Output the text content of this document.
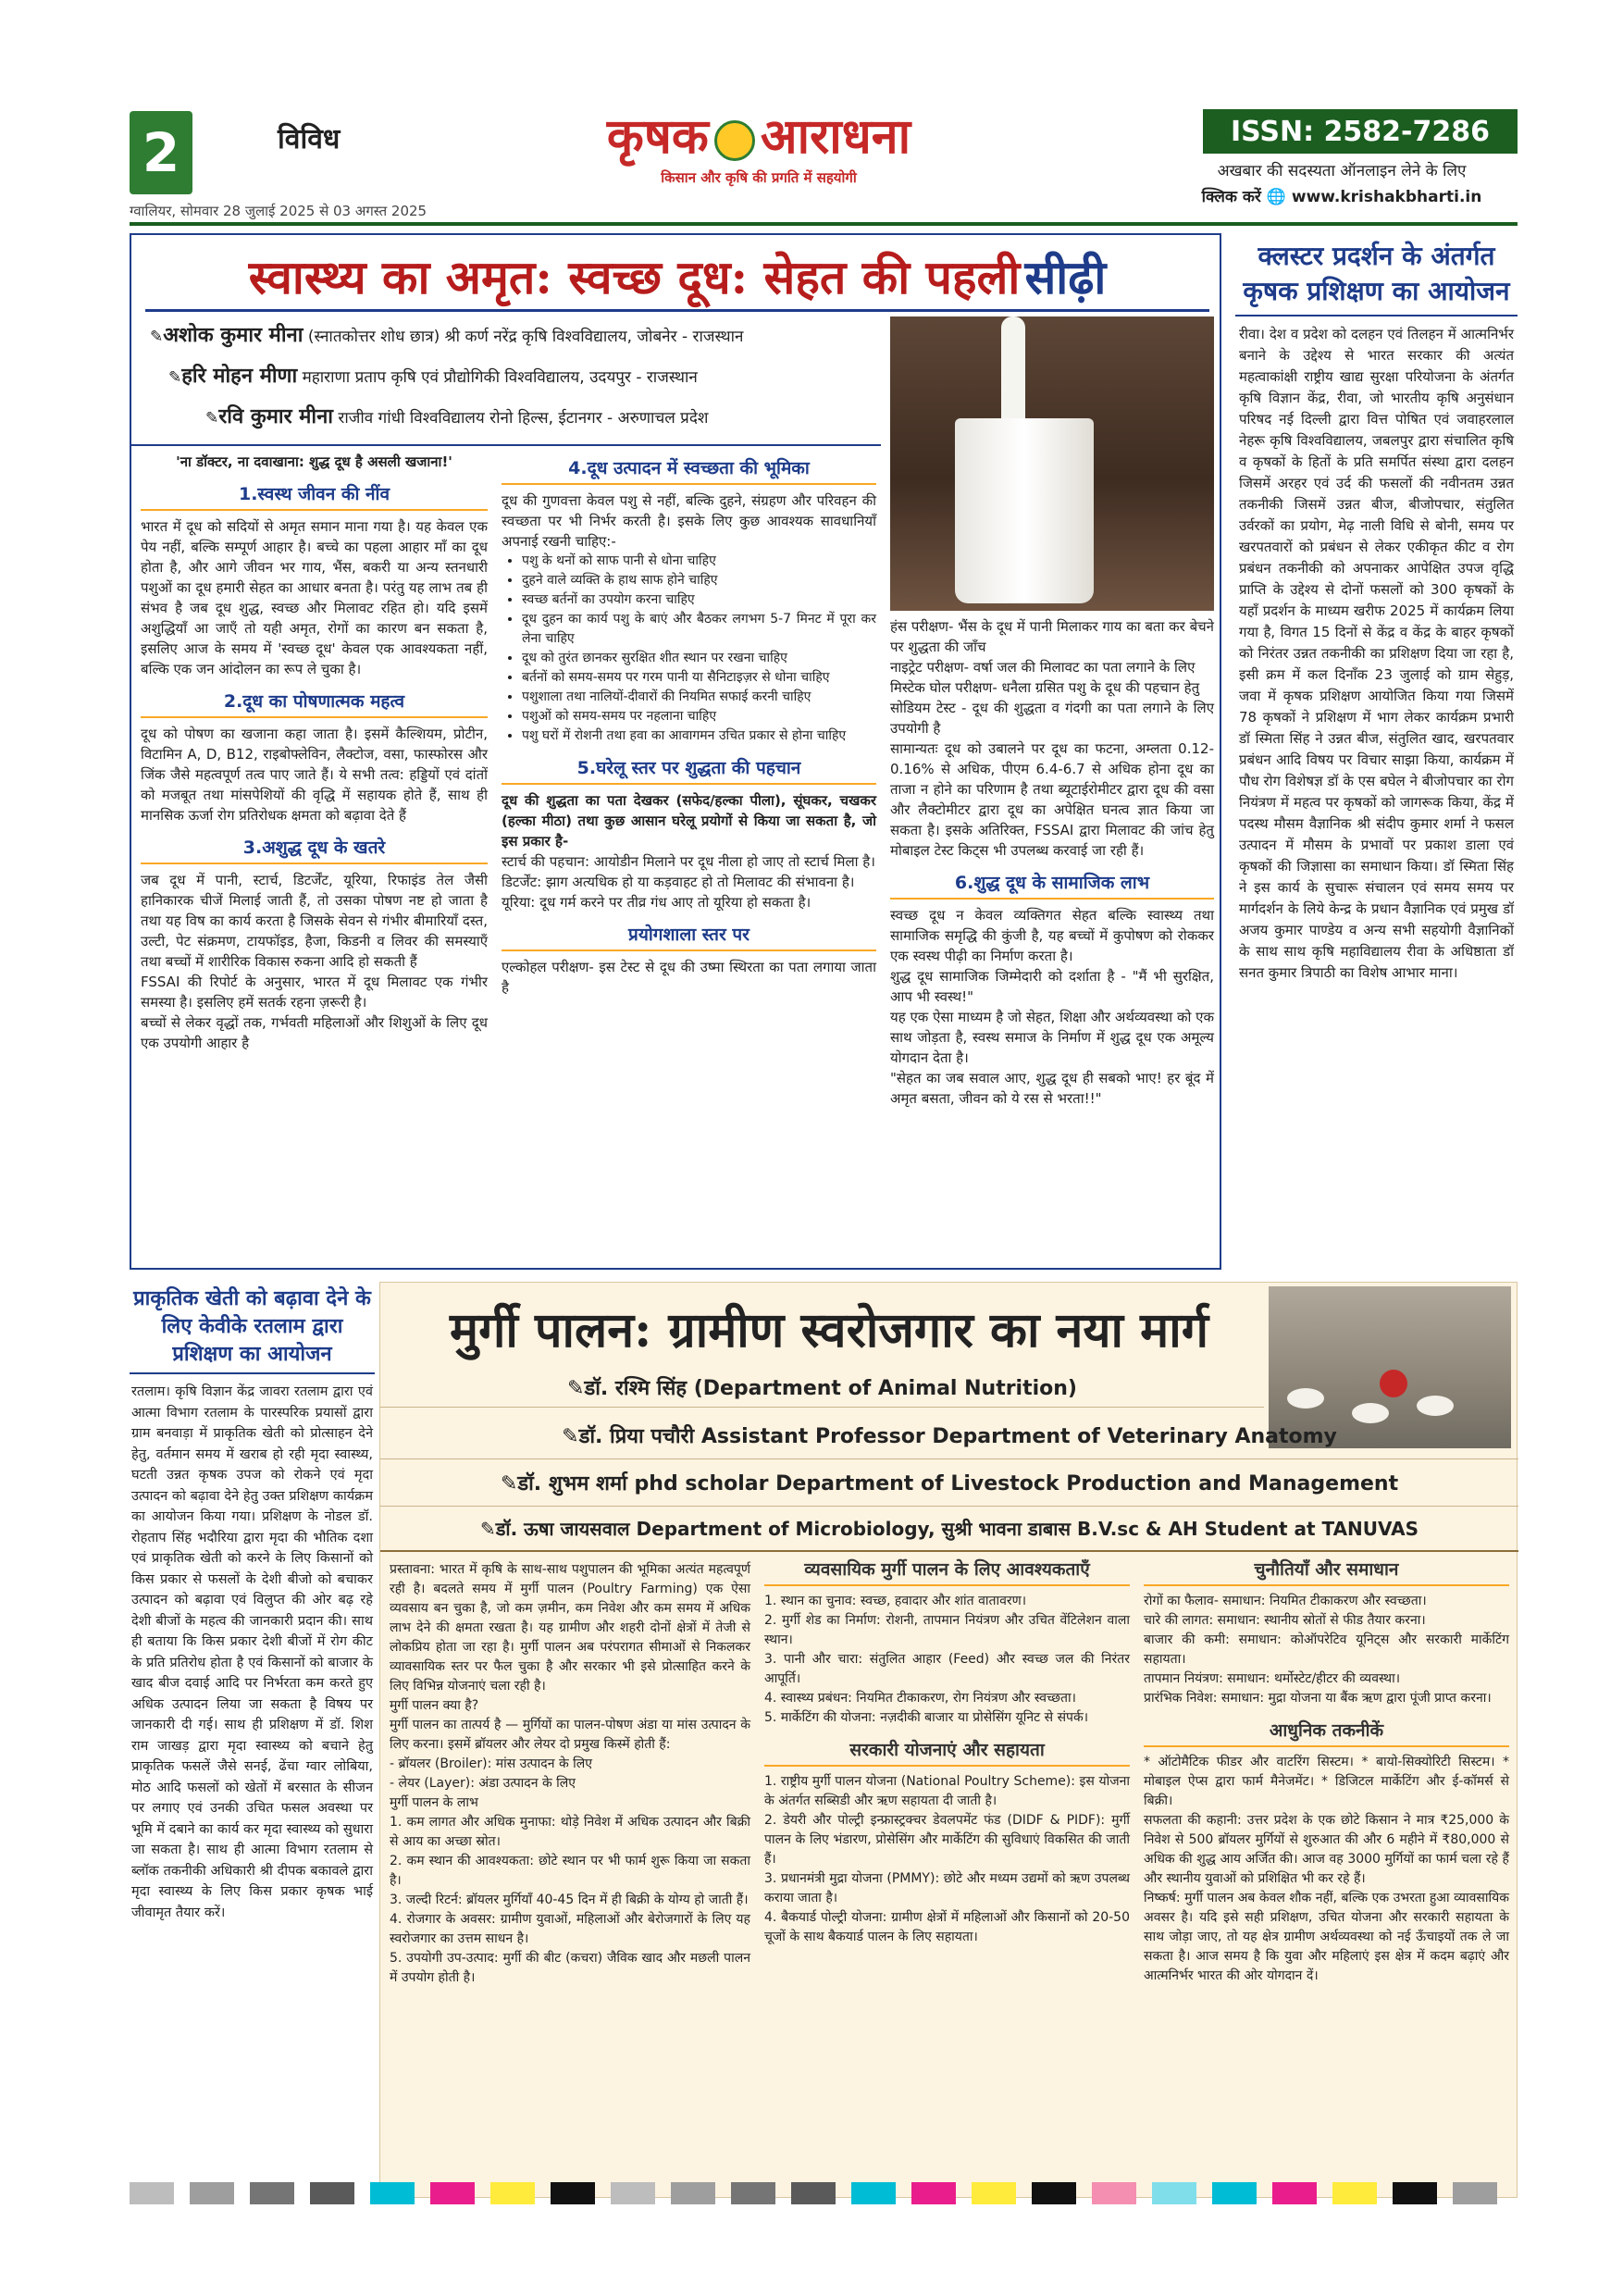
2	विविध
ग्वालियर, सोमवार 28 जुलाई 2025 से 03 अगस्त 2025
कृषक आराधना
किसान और कृषि की प्रगति में सहयोगी
ISSN: 2582-7286
अखबार की सदस्यता ऑनलाइन लेने के लिए
क्लिक करें 🌐 www.krishakbharti.in
स्वास्थ्य का अमृत: स्वच्छ दूध: सेहत की पहली सीढ़ी
✎अशोक कुमार मीना (स्नातकोत्तर शोध छात्र) श्री कर्ण नरेंद्र कृषि विश्वविद्यालय, जोबनेर - राजस्थान
✎हरि मोहन मीणा महाराणा प्रताप कृषि एवं प्रौद्योगिकी विश्वविद्यालय, उदयपुर - राजस्थान
✎रवि कुमार मीना राजीव गांधी विश्वविद्यालय रोनो हिल्स, ईटानगर - अरुणाचल प्रदेश
'ना डॉक्टर, ना दवाखाना: शुद्ध दूध है असली खजाना!'
1.स्वस्थ जीवन की नींव

भारत में दूध को सदियों से अमृत समान माना गया है। यह केवल एक पेय नहीं, बल्कि सम्पूर्ण आहार है। बच्चे का पहला आहार माँ का दूध होता है, और आगे जीवन भर गाय, भैंस, बकरी या अन्य स्तनधारी पशुओं का दूध हमारी सेहत का आधार बनता है। परंतु यह लाभ तब ही संभव है जब दूध शुद्ध, स्वच्छ और मिलावट रहित हो। यदि इसमें अशुद्धियाँ आ जाएँ तो यही अमृत, रोगों का कारण बन सकता है, इसलिए आज के समय में 'स्वच्छ दूध' केवल एक आवश्यकता नहीं, बल्कि एक जन आंदोलन का रूप ले चुका है।

2.दूध का पोषणात्मक महत्व

दूध को पोषण का खजाना कहा जाता है। इसमें कैल्शियम, प्रोटीन, विटामिन A, D, B12, राइबोफ्लेविन, लैक्टोज, वसा, फास्फोरस और जिंक जैसे महत्वपूर्ण तत्व पाए जाते हैं। ये सभी तत्व: हड्डियों एवं दांतों को मजबूत तथा मांसपेशियों की वृद्धि में सहायक होते हैं, साथ ही मानसिक ऊर्जा रोग प्रतिरोधक क्षमता को बढ़ावा देते हैं

3.अशुद्ध दूध के खतरे

जब दूध में पानी, स्टार्च, डिटर्जेंट, यूरिया, रिफाइंड तेल जैसी हानिकारक चीजें मिलाई जाती हैं, तो उसका पोषण नष्ट हो जाता है तथा यह विष का कार्य करता है जिसके सेवन से गंभीर बीमारियाँ दस्त, उल्टी, पेट संक्रमण, टायफॉइड, हैजा, किडनी व लिवर की समस्याएँ तथा बच्चों में शारीरिक विकास रुकना आदि हो सकती हैं

FSSAI की रिपोर्ट के अनुसार, भारत में दूध मिलावट एक गंभीर समस्या है। इसलिए हमें सतर्क रहना ज़रूरी है।

बच्चों से लेकर वृद्धों तक, गर्भवती महिलाओं और शिशुओं के लिए दूध एक उपयोगी आहार है

4.दूध उत्पादन में स्वच्छता की भूमिका

दूध की गुणवत्ता केवल पशु से नहीं, बल्कि दुहने, संग्रहण और परिवहन की स्वच्छता पर भी निर्भर करती है। इसके लिए कुछ आवश्यक सावधानियाँ अपनाई रखनी चाहिए:-

• पशु के थनों को साफ पानी से धोना चाहिए
• दुहने वाले व्यक्ति के हाथ साफ होने चाहिए
• स्वच्छ बर्तनों का उपयोग करना चाहिए
• दूध दुहन का कार्य पशु के बाएं और बैठकर लगभग 5-7 मिनट में पूरा कर लेना चाहिए
• दूध को तुरंत छानकर सुरक्षित शीत स्थान पर रखना चाहिए
• बर्तनों को समय-समय पर गरम पानी या सैनिटाइज़र से धोना चाहिए
• पशुशाला तथा नालियों-दीवारों की नियमित सफाई करनी चाहिए
• पशुओं को समय-समय पर नहलाना चाहिए
• पशु घरों में रोशनी तथा हवा का आवागमन उचित प्रकार से होना चाहिए
5.घरेलू स्तर पर शुद्धता की पहचान

दूध की शुद्धता का पता देखकर (सफेद/हल्का पीला), सूंघकर, चखकर (हल्का मीठा) तथा कुछ आसान घरेलू प्रयोगों से किया जा सकता है, जो इस प्रकार है-

स्टार्च की पहचान: आयोडीन मिलाने पर दूध नीला हो जाए तो स्टार्च मिला है।

डिटर्जेंट: झाग अत्यधिक हो या कड़वाहट हो तो मिलावट की संभावना है।

यूरिया: दूध गर्म करने पर तीव्र गंध आए तो यूरिया हो सकता है।

प्रयोगशाला स्तर पर

एल्कोहल परीक्षण- इस टेस्ट से दूध की उष्मा स्थिरता का पता लगाया जाता है

हंस परीक्षण- भैंस के दूध में पानी मिलाकर गाय का बता कर बेचने पर शुद्धता की जाँच
नाइट्रेट परीक्षण- वर्षा जल की मिलावट का पता लगाने के लिए
मिस्टेक घोल परीक्षण- धनैला ग्रसित पशु के दूध की पहचान हेतु
सोडियम टेस्ट - दूध की शुद्धता व गंदगी का पता लगाने के लिए उपयोगी है

सामान्यतः दूध को उबालने पर दूध का फटना, अम्लता 0.12-0.16% से अधिक, पीएम 6.4-6.7 से अधिक होना दूध का ताजा न होने का परिणाम है तथा ब्यूटाईरोमीटर द्वारा दूध की वसा और लैक्टोमीटर द्वारा दूध का अपेक्षित घनत्व ज्ञात किया जा सकता है। इसके अतिरिक्त, FSSAI द्वारा मिलावट की जांच हेतु मोबाइल टेस्ट किट्स भी उपलब्ध करवाई जा रही हैं।

6.शुद्ध दूध के सामाजिक लाभ

स्वच्छ दूध न केवल व्यक्तिगत सेहत बल्कि स्वास्थ्य तथा सामाजिक समृद्धि की कुंजी है, यह बच्चों में कुपोषण को रोककर एक स्वस्थ पीढ़ी का निर्माण करता है।

शुद्ध दूध सामाजिक जिम्मेदारी को दर्शाता है - "मैं भी सुरक्षित, आप भी स्वस्थ!"

यह एक ऐसा माध्यम है जो सेहत, शिक्षा और अर्थव्यवस्था को एक साथ जोड़ता है, स्वस्थ समाज के निर्माण में शुद्ध दूध एक अमूल्य योगदान देता है।

"सेहत का जब सवाल आए, शुद्ध दूध ही सबको भाए! हर बूंद में अमृत बसता, जीवन को ये रस से भरता!!"

क्लस्टर प्रदर्शन के अंतर्गत कृषक प्रशिक्षण का आयोजन

रीवा। देश व प्रदेश को दलहन एवं तिलहन में आत्मनिर्भर बनाने के उद्देश्य से भारत सरकार की अत्यंत महत्वाकांक्षी राष्ट्रीय खाद्य सुरक्षा परियोजना के अंतर्गत कृषि विज्ञान केंद्र, रीवा, जो भारतीय कृषि अनुसंधान परिषद नई दिल्ली द्वारा वित्त पोषित एवं जवाहरलाल नेहरू कृषि विश्वविद्यालय, जबलपुर द्वारा संचालित कृषि व कृषकों के हितों के प्रति समर्पित संस्था द्वारा दलहन जिसमें अरहर एवं उर्द की फसलों की नवीनतम उन्नत तकनीकी जिसमें उन्नत बीज, बीजोपचार, संतुलित उर्वरकों का प्रयोग, मेढ़ नाली विधि से बोनी, समय पर खरपतवारों को प्रबंधन से लेकर एकीकृत कीट व रोग प्रबंधन तकनीकी को अपनाकर आपेक्षित उपज वृद्धि प्राप्ति के उद्देश्य से दोनों फसलों को 300 कृषकों के यहाँ प्रदर्शन के माध्यम खरीफ 2025 में कार्यक्रम लिया गया है, विगत 15 दिनों से केंद्र व केंद्र के बाहर कृषकों को निरंतर उन्नत तकनीकी का प्रशिक्षण दिया जा रहा है, इसी क्रम में कल दिनाँक 23 जुलाई को ग्राम सेहुड़, जवा में कृषक प्रशिक्षण आयोजित किया गया जिसमें 78 कृषकों ने प्रशिक्षण में भाग लेकर कार्यक्रम प्रभारी डॉ स्मिता सिंह ने उन्नत बीज, संतुलित खाद, खरपतवार प्रबंधन आदि विषय पर विचार साझा किया, कार्यक्रम में पौध रोग विशेषज्ञ डॉ के एस बघेल ने बीजोपचार का रोग नियंत्रण में महत्व पर कृषकों को जागरूक किया, केंद्र में पदस्थ मौसम वैज्ञानिक श्री संदीप कुमार शर्मा ने फसल उत्पादन में मौसम के प्रभावों पर प्रकाश डाला एवं कृषकों की जिज्ञासा का समाधान किया। डॉ स्मिता सिंह ने इस कार्य के सुचारू संचालन एवं समय समय पर मार्गदर्शन के लिये केन्द्र के प्रधान वैज्ञानिक एवं प्रमुख डॉ अजय कुमार पाण्डेय व अन्य सभी सहयोगी वैज्ञानिकों के साथ साथ कृषि महाविद्यालय रीवा के अधिष्ठाता डॉ सनत कुमार त्रिपाठी का विशेष आभार माना।

प्राकृतिक खेती को बढ़ावा देने के लिए केवीके रतलाम द्वारा प्रशिक्षण का आयोजन

रतलाम। कृषि विज्ञान केंद्र जावरा रतलाम द्वारा एवं आत्मा विभाग रतलाम के पारस्परिक प्रयासों द्वारा ग्राम बनवाड़ा में प्राकृतिक खेती को प्रोत्साहन देने हेतु, वर्तमान समय में खराब हो रही मृदा स्वास्थ्य, घटती उन्नत कृषक उपज को रोकने एवं मृदा उत्पादन को बढ़ावा देने हेतु उक्त प्रशिक्षण कार्यक्रम का आयोजन किया गया। प्रशिक्षण के नोडल डॉ. रोहताप सिंह भदौरिया द्वारा मृदा की भौतिक दशा एवं प्राकृतिक खेती को करने के लिए किसानों को किस प्रकार से फसलों के देशी बीजो को बचाकर उत्पादन को बढ़ावा एवं विलुप्त की ओर बढ़ रहे देशी बीजों के महत्व की जानकारी प्रदान की। साथ ही बताया कि किस प्रकार देशी बीजों में रोग कीट के प्रति प्रतिरोध होता है एवं किसानों को बाजार के खाद बीज दवाई आदि पर निर्भरता कम करते हुए अधिक उत्पादन लिया जा सकता है विषय पर जानकारी दी गई। साथ ही प्रशिक्षण में डॉ. शिश राम जाखड़ द्वारा मृदा स्वास्थ्य को बचाने हेतु प्राकृतिक फसलें जैसे सनई, ढेंचा ग्वार लोबिया, मोठ आदि फसलों को खेतों में बरसात के सीजन पर लगाए एवं उनकी उचित फसल अवस्था पर भूमि में दबाने का कार्य कर मृदा स्वास्थ्य को सुधारा जा सकता है। साथ ही आत्मा विभाग रतलाम से ब्लॉक तकनीकी अधिकारी श्री दीपक बकावले द्वारा मृदा स्वास्थ्य के लिए किस प्रकार कृषक भाई जीवामृत तैयार करें।

मुर्गी पालन: ग्रामीण स्वरोजगार का नया मार्ग
✎डॉ. रश्मि सिंह (Department of Animal Nutrition)
✎डॉ. प्रिया पचौरी Assistant Professor Department of Veterinary Anatomy
✎डॉ. शुभम शर्मा phd scholar Department of Livestock Production and Management
✎डॉ. ऊषा जायसवाल Department of Microbiology, सुश्री भावना डाबास B.V.sc & AH Student at TANUVAS
प्रस्तावना: भारत में कृषि के साथ-साथ पशुपालन की भूमिका अत्यंत महत्वपूर्ण रही है। बदलते समय में मुर्गी पालन (Poultry Farming) एक ऐसा व्यवसाय बन चुका है, जो कम ज़मीन, कम निवेश और कम समय में अधिक लाभ देने की क्षमता रखता है। यह ग्रामीण और शहरी दोनों क्षेत्रों में तेजी से लोकप्रिय होता जा रहा है। मुर्गी पालन अब परंपरागत सीमाओं से निकलकर व्यावसायिक स्तर पर फैल चुका है और सरकार भी इसे प्रोत्साहित करने के लिए विभिन्न योजनाएं चला रही है।
मुर्गी पालन क्या है?
मुर्गी पालन का तात्पर्य है — मुर्गियों का पालन-पोषण अंडा या मांस उत्पादन के लिए करना। इसमें ब्रॉयलर और लेयर दो प्रमुख किस्में होती हैं:
- ब्रॉयलर (Broiler): मांस उत्पादन के लिए
- लेयर (Layer): अंडा उत्पादन के लिए
मुर्गी पालन के लाभ
1. कम लागत और अधिक मुनाफा: थोड़े निवेश में अधिक उत्पादन और बिक्री से आय का अच्छा स्रोत।
2. कम स्थान की आवश्यकता: छोटे स्थान पर भी फार्म शुरू किया जा सकता है।
3. जल्दी रिटर्न: ब्रॉयलर मुर्गियाँ 40-45 दिन में ही बिक्री के योग्य हो जाती हैं।
4. रोजगार के अवसर: ग्रामीण युवाओं, महिलाओं और बेरोजगारों के लिए यह स्वरोजगार का उत्तम साधन है।
5. उपयोगी उप-उत्पाद: मुर्गी की बीट (कचरा) जैविक खाद और मछली पालन में उपयोग होती है।
व्यवसायिक मुर्गी पालन के लिए आवश्यकताएँ

1. स्थान का चुनाव: स्वच्छ, हवादार और शांत वातावरण।
2. मुर्गी शेड का निर्माण: रोशनी, तापमान नियंत्रण और उचित वेंटिलेशन वाला स्थान।
3. पानी और चारा: संतुलित आहार (Feed) और स्वच्छ जल की निरंतर आपूर्ति।
4. स्वास्थ्य प्रबंधन: नियमित टीकाकरण, रोग नियंत्रण और स्वच्छता।
5. मार्केटिंग की योजना: नज़दीकी बाजार या प्रोसेसिंग यूनिट से संपर्क।

सरकारी योजनाएं और सहायता

1. राष्ट्रीय मुर्गी पालन योजना (National Poultry Scheme): इस योजना के अंतर्गत सब्सिडी और ऋण सहायता दी जाती है।
2. डेयरी और पोल्ट्री इन्फ्रास्ट्रक्चर डेवलपमेंट फंड (DIDF & PIDF): मुर्गी पालन के लिए भंडारण, प्रोसेसिंग और मार्केटिंग की सुविधाएं विकसित की जाती हैं।
3. प्रधानमंत्री मुद्रा योजना (PMMY): छोटे और मध्यम उद्यमों को ऋण उपलब्ध कराया जाता है।
4. बैकयार्ड पोल्ट्री योजना: ग्रामीण क्षेत्रों में महिलाओं और किसानों को 20-50 चूजों के साथ बैकयार्ड पालन के लिए सहायता।

चुनौतियाँ और समाधान

रोगों का फैलाव- समाधान: नियमित टीकाकरण और स्वच्छता।
चारे की लागत: समाधान: स्थानीय स्रोतों से फीड तैयार करना।
बाजार की कमी: समाधान: कोऑपरेटिव यूनिट्स और सरकारी मार्केटिंग सहायता।
तापमान नियंत्रण: समाधान: थर्मोस्टेट/हीटर की व्यवस्था।
प्रारंभिक निवेश: समाधान: मुद्रा योजना या बैंक ऋण द्वारा पूंजी प्राप्त करना।

आधुनिक तकनीकें

* ऑटोमैटिक फीडर और वाटरिंग सिस्टम। * बायो-सिक्योरिटी सिस्टम। * मोबाइल ऐप्स द्वारा फार्म मैनेजमेंट। * डिजिटल मार्केटिंग और ई-कॉमर्स से बिक्री।
सफलता की कहानी: उत्तर प्रदेश के एक छोटे किसान ने मात्र ₹25,000 के निवेश से 500 ब्रॉयलर मुर्गियों से शुरुआत की और 6 महीने में ₹80,000 से अधिक की शुद्ध आय अर्जित की। आज वह 3000 मुर्गियों का फार्म चला रहे हैं और स्थानीय युवाओं को प्रशिक्षित भी कर रहे हैं।
निष्कर्ष: मुर्गी पालन अब केवल शौक नहीं, बल्कि एक उभरता हुआ व्यावसायिक अवसर है। यदि इसे सही प्रशिक्षण, उचित योजना और सरकारी सहायता के साथ जोड़ा जाए, तो यह क्षेत्र ग्रामीण अर्थव्यवस्था को नई ऊँचाइयों तक ले जा सकता है। आज समय है कि युवा और महिलाएं इस क्षेत्र में कदम बढ़ाएं और आत्मनिर्भर भारत की ओर योगदान दें।
